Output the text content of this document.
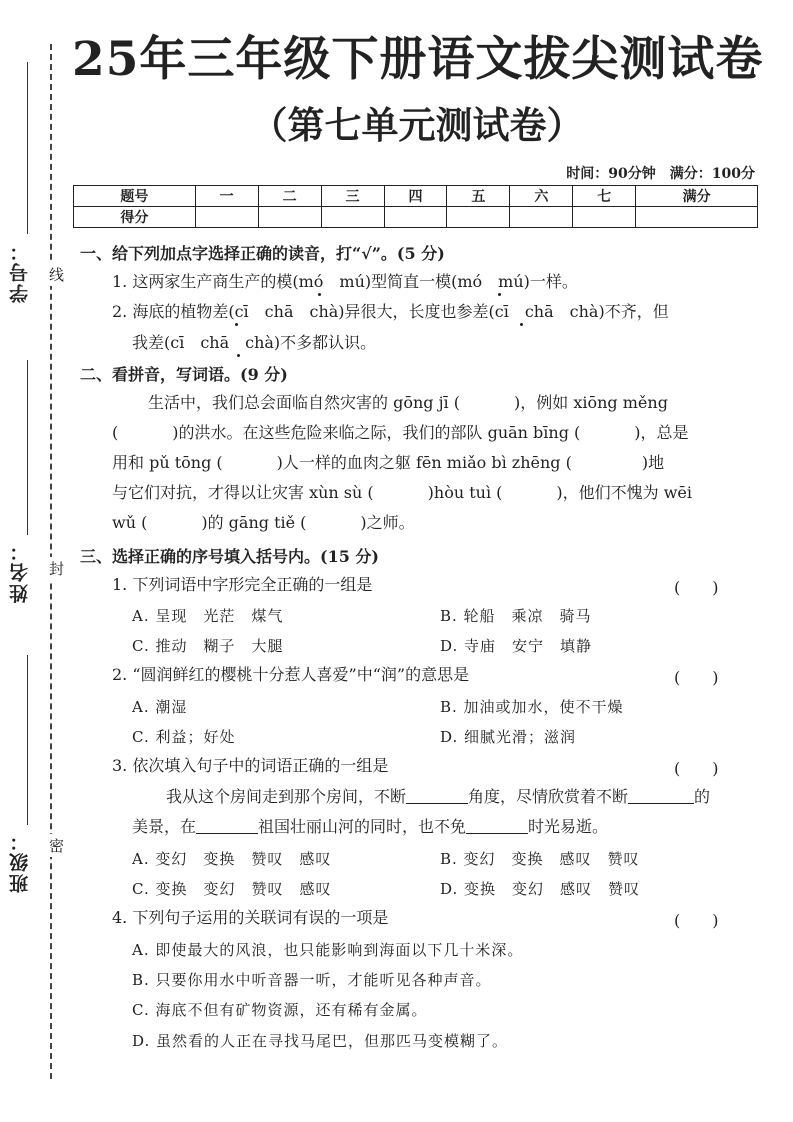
学号：
姓名：
班级：
线
封
密
25年三年级下册语文拔尖测试卷
（第七单元测试卷）
时间：90分钟　满分：100分
题号	一	二	三	四	五	六	七	满分
得分								
一、给下列加点字选择正确的读音，打“√”。(5 分)
1. 这两家生产商生产的模(mó　mú)型简直一模(mó　mú)一样。
2. 海底的植物差(cī　chā　chà)异很大，长度也参差(cī　chā　chà)不齐，但
我差(cī　chā　chà)不多都认识。
二、看拼音，写词语。(9 分)
生活中，我们总会面临自然灾害的 gōng jī (	)，例如 xiōng měng
(	)的洪水。在这些危险来临之际，我们的部队 guān bīng (	)，总是
用和 pǔ tōng (	)人一样的血肉之躯 fēn miǎo bì zhēng (	)地
与它们对抗，才得以让灾害 xùn sù (	)hòu tuì (	)，他们不愧为 wēi
wǔ (	)的 gāng tiě (	)之师。
三、选择正确的序号填入括号内。(15 分)
1. 下列词语中字形完全正确的一组是	(　　)
A. 呈现　光茫　煤气	B. 轮船　乘凉　骑马
C. 推动　糊子　大腿	D. 寺庙　安宁　填静
2. “圆润鲜红的樱桃十分惹人喜爱”中“润”的意思是	(　　)
A. 潮湿	B. 加油或加水，使不干燥
C. 利益；好处	D. 细腻光滑；滋润
3. 依次填入句子中的词语正确的一组是	(　　)
我从这个房间走到那个房间，不断	角度，尽情欣赏着不断	的
美景，在	祖国壮丽山河的同时，也不免	时光易逝。
A. 变幻　变换　赞叹　感叹	B. 变幻　变换　感叹　赞叹
C. 变换　变幻　赞叹　感叹	D. 变换　变幻　感叹　赞叹
4. 下列句子运用的关联词有误的一项是	(　　)
A. 即使最大的风浪，也只能影响到海面以下几十米深。
B. 只要你用水中听音器一听，才能听见各种声音。
C. 海底不但有矿物资源，还有稀有金属。
D. 虽然看的人正在寻找马尾巴，但那匹马变模糊了。
